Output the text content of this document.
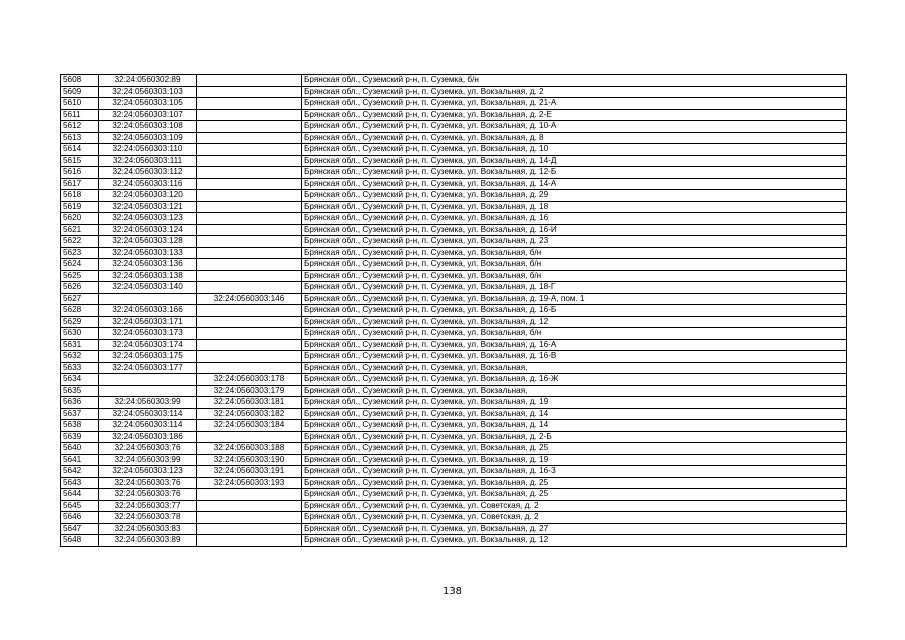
5608	32:24:0560302:89		Брянская обл., Суземский р-н, п. Суземка, б/н
5609	32:24:0560303:103		Брянская обл., Суземский р-н, п. Суземка, ул. Вокзальная, д. 2
5610	32:24:0560303:105		Брянская обл., Суземский р-н, п. Суземка, ул. Вокзальная, д. 21-А
5611	32:24:0560303:107		Брянская обл., Суземский р-н, п. Суземка, ул. Вокзальная, д. 2-Е
5612	32:24:0560303:108		Брянская обл., Суземский р-н, п. Суземка, ул. Вокзальная, д. 10-А
5613	32:24:0560303:109		Брянская обл., Суземский р-н, п. Суземка, ул. Вокзальная, д. 8
5614	32:24:0560303:110		Брянская обл., Суземский р-н, п. Суземка, ул. Вокзальная, д. 10
5615	32:24:0560303:111		Брянская обл., Суземский р-н, п. Суземка, ул. Вокзальная, д. 14-Д
5616	32:24:0560303:112		Брянская обл., Суземский р-н, п. Суземка, ул. Вокзальная, д. 12-Б
5617	32:24:0560303:116		Брянская обл., Суземский р-н, п. Суземка, ул. Вокзальная, д. 14-А
5618	32:24:0560303:120		Брянская обл., Суземский р-н, п. Суземка, ул. Вокзальная, д. 29
5619	32:24:0560303:121		Брянская обл., Суземский р-н, п. Суземка, ул. Вокзальная, д. 18
5620	32:24:0560303:123		Брянская обл., Суземский р-н, п. Суземка, ул. Вокзальная, д. 16
5621	32:24:0560303:124		Брянская обл., Суземский р-н, п. Суземка, ул. Вокзальная, д. 16-И
5622	32:24:0560303:128		Брянская обл., Суземский р-н, п. Суземка, ул. Вокзальная, д. 23
5623	32:24:0560303:133		Брянская обл., Суземский р-н, п. Суземка, ул. Вокзальная, б/н
5624	32:24:0560303:136		Брянская обл., Суземский р-н, п. Суземка, ул. Вокзальная, б/н
5625	32:24:0560303:138		Брянская обл., Суземский р-н, п. Суземка, ул. Вокзальная, б/н
5626	32:24:0560303:140		Брянская обл., Суземский р-н, п. Суземка, ул. Вокзальная, д. 18-Г
5627		32:24:0560303:146	Брянская обл., Суземский р-н, п. Суземка, ул. Вокзальная, д. 19-А, пом. 1
5628	32:24:0560303:166		Брянская обл., Суземский р-н, п. Суземка, ул. Вокзальная, д. 16-Б
5629	32:24:0560303:171		Брянская обл., Суземский р-н, п. Суземка, ул. Вокзальная, д. 12
5630	32:24:0560303:173		Брянская обл., Суземский р-н, п. Суземка, ул. Вокзальная, б/н
5631	32:24:0560303:174		Брянская обл., Суземский р-н, п. Суземка, ул. Вокзальная, д. 16-А
5632	32:24:0560303:175		Брянская обл., Суземский р-н, п. Суземка, ул. Вокзальная, д. 16-В
5633	32:24:0560303:177		Брянская обл., Суземский р-н, п. Суземка, ул. Вокзальная,
5634		32:24:0560303:178	Брянская обл., Суземский р-н, п. Суземка, ул. Вокзальная, д. 16-Ж
5635		32:24:0560303:179	Брянская обл., Суземский р-н, п. Суземка, ул. Вокзальная,
5636	32:24:0560303:99	32:24:0560303:181	Брянская обл., Суземский р-н, п. Суземка, ул. Вокзальная, д. 19
5637	32:24:0560303:114	32:24:0560303:182	Брянская обл., Суземский р-н, п. Суземка, ул. Вокзальная, д. 14
5638	32:24:0560303:114	32:24:0560303:184	Брянская обл., Суземский р-н, п. Суземка, ул. Вокзальная, д. 14
5639	32:24:0560303:186		Брянская обл., Суземский р-н, п. Суземка, ул. Вокзальная, д. 2-Б
5640	32:24:0560303:76	32:24:0560303:188	Брянская обл., Суземский р-н, п. Суземка, ул. Вокзальная, д. 25
5641	32:24:0560303:99	32:24:0560303:190	Брянская обл., Суземский р-н, п. Суземка, ул. Вокзальная, д. 19
5642	32:24:0560303:123	32:24:0560303:191	Брянская обл., Суземский р-н, п. Суземка, ул. Вокзальная, д. 16-З
5643	32:24:0560303:76	32:24:0560303:193	Брянская обл., Суземский р-н, п. Суземка, ул. Вокзальная, д. 25
5644	32:24:0560303:76		Брянская обл., Суземский р-н, п. Суземка, ул. Вокзальная, д. 25
5645	32:24:0560303:77		Брянская обл., Суземский р-н, п. Суземка, ул. Советская, д. 2
5646	32:24:0560303:78		Брянская обл., Суземский р-н, п. Суземка, ул. Советская, д. 2
5647	32:24:0560303:83		Брянская обл., Суземский р-н, п. Суземка, ул. Вокзальная, д. 27
5648	32:24:0560303:89		Брянская обл., Суземский р-н, п. Суземка, ул. Вокзальная, д. 12
138
